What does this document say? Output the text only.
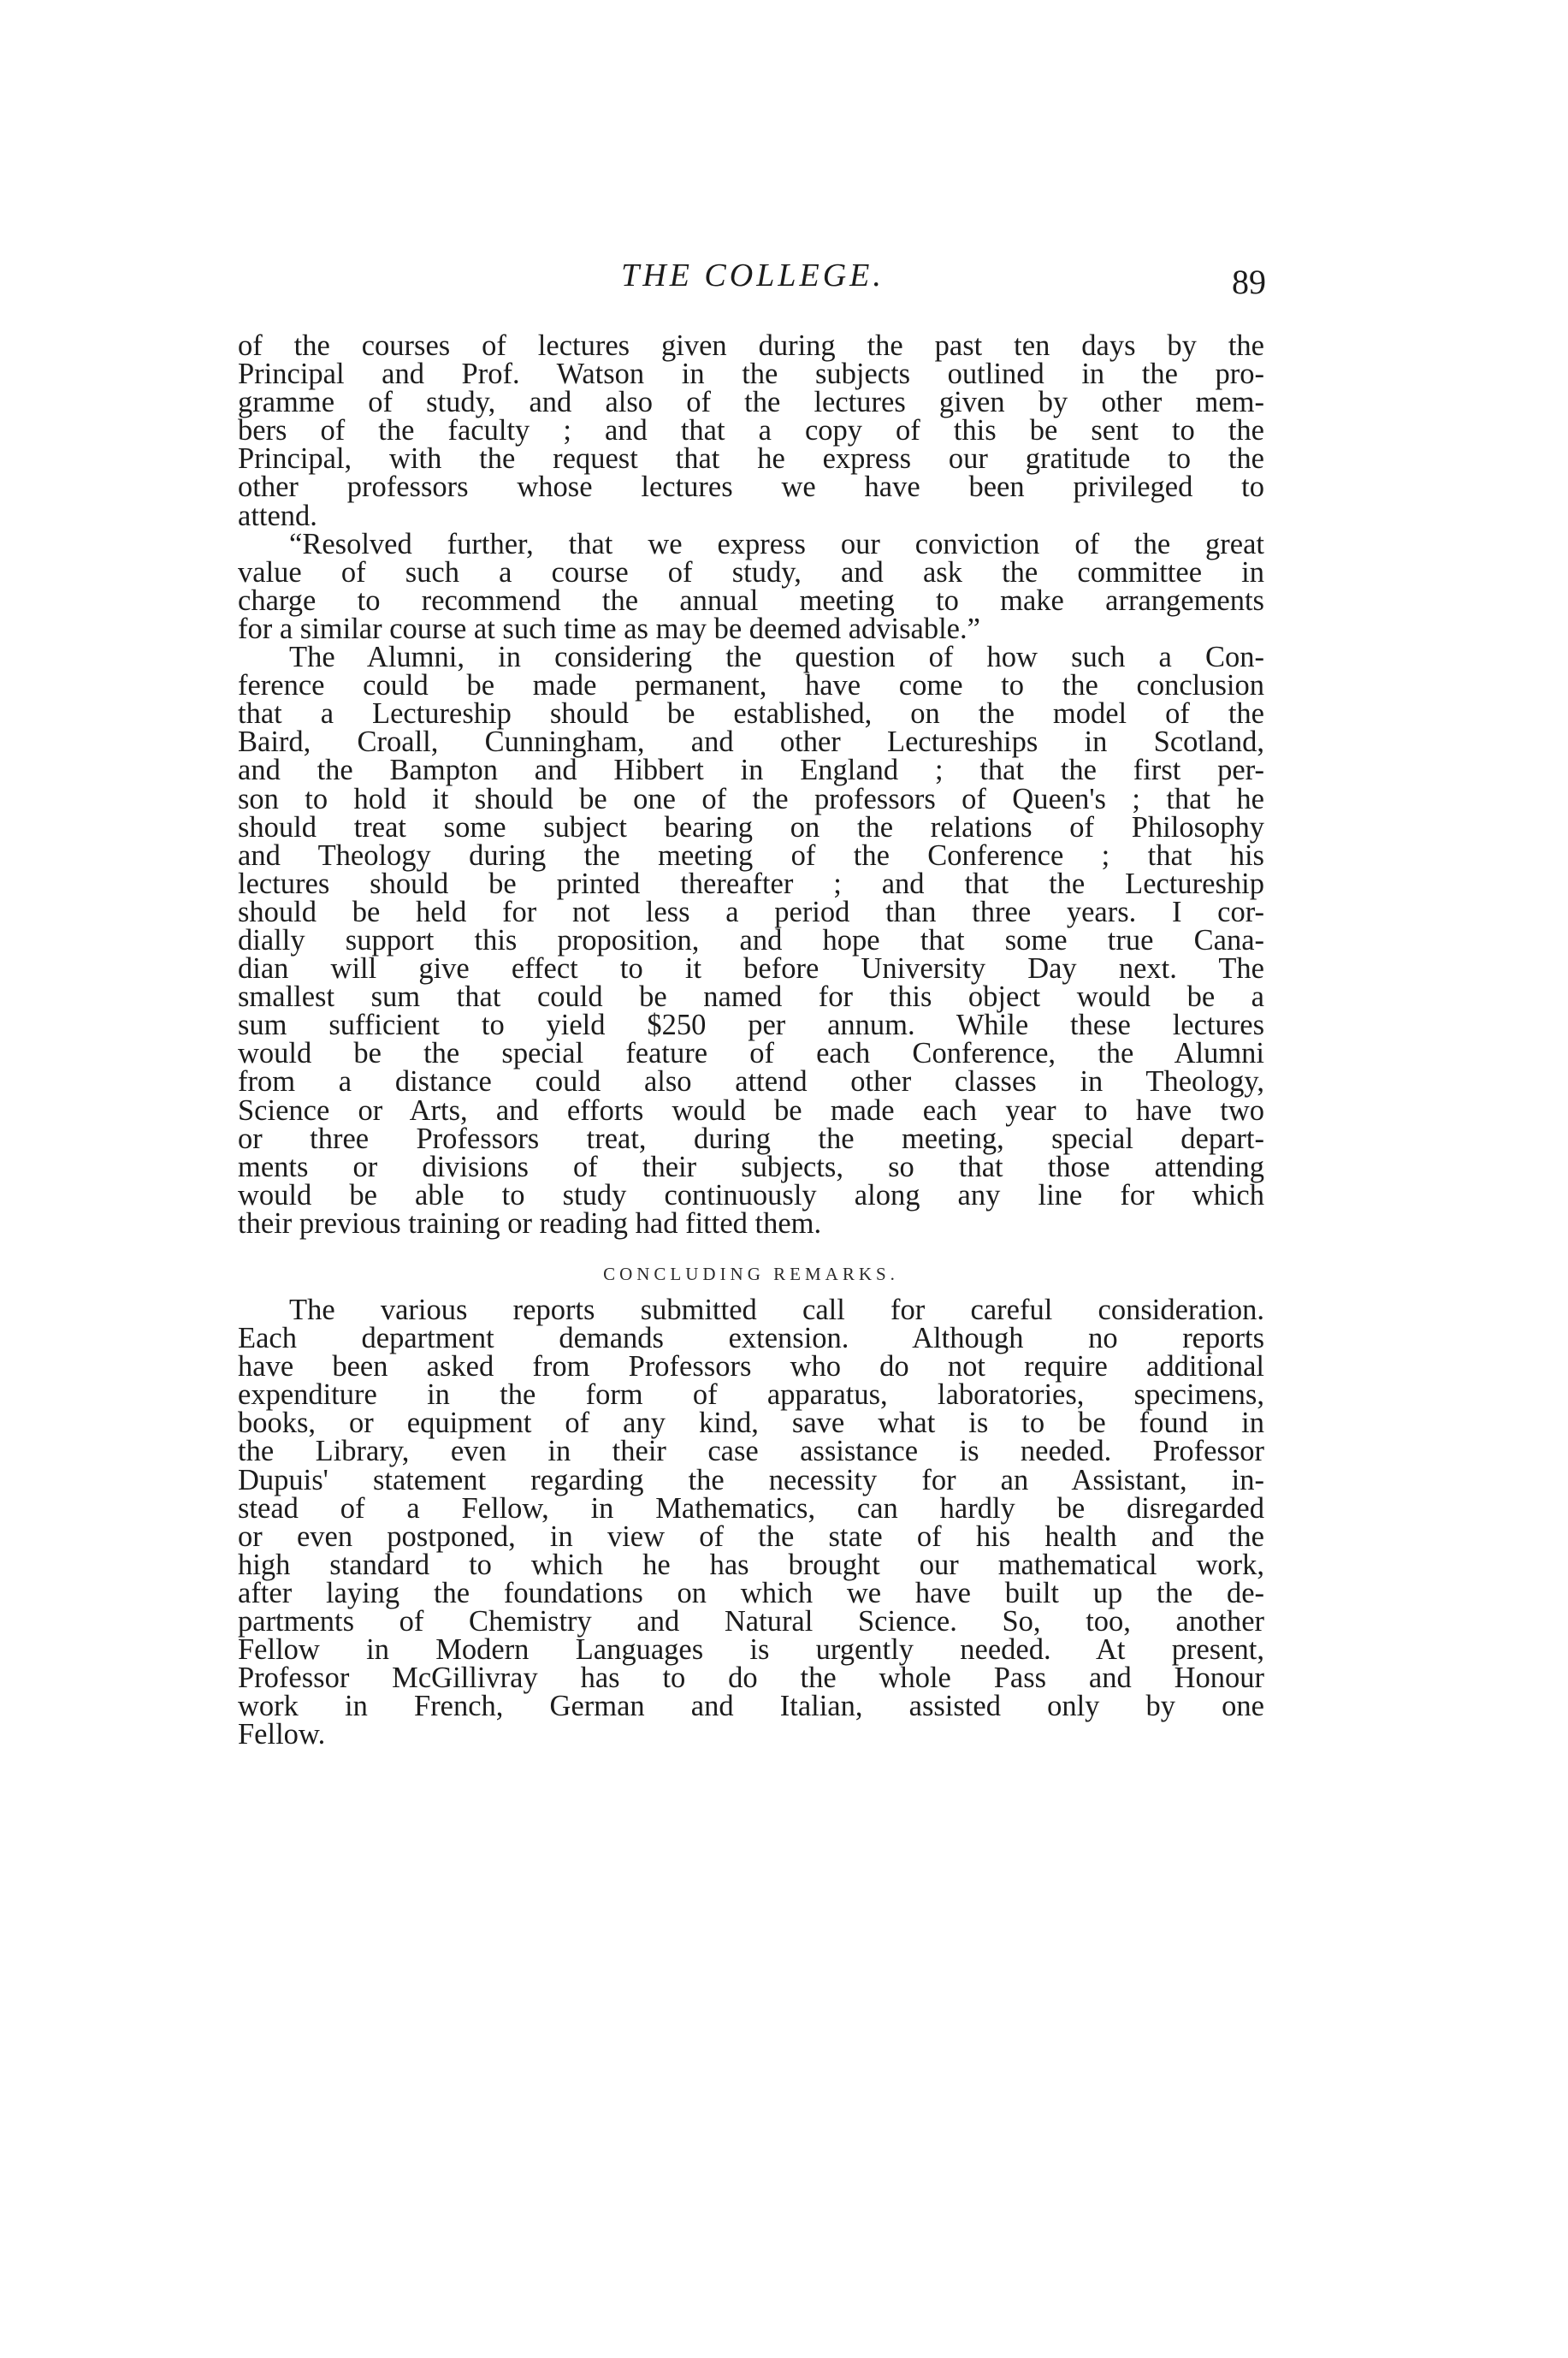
THE COLLEGE.	89
of the courses of lectures given during the past ten days by the
Principal and Prof. Watson in the subjects outlined in the pro-
gramme of study, and also of the lectures given by other mem-
bers of the faculty ; and that a copy of this be sent to the
Principal, with the request that he express our gratitude to the
other professors whose lectures we have been privileged to
attend.
“Resolved further, that we express our conviction of the great
value of such a course of study, and ask the committee in
charge to recommend the annual meeting to make arrangements
for a similar course at such time as may be deemed advisable.”
The Alumni, in considering the question of how such a Con-
ference could be made permanent, have come to the conclusion
that a Lectureship should be established, on the model of the
Baird, Croall, Cunningham, and other Lectureships in Scotland,
and the Bampton and Hibbert in England ; that the first per-
son to hold it should be one of the professors of Queen's ; that he
should treat some subject bearing on the relations of Philosophy
and Theology during the meeting of the Conference ; that his
lectures should be printed thereafter ; and that the Lectureship
should be held for not less a period than three years. I cor-
dially support this proposition, and hope that some true Cana-
dian will give effect to it before University Day next. The
smallest sum that could be named for this object would be a
sum sufficient to yield $250 per annum. While these lectures
would be the special feature of each Conference, the Alumni
from a distance could also attend other classes in Theology,
Science or Arts, and efforts would be made each year to have two
or three Professors treat, during the meeting, special depart-
ments or divisions of their subjects, so that those attending
would be able to study continuously along any line for which
their previous training or reading had fitted them.
CONCLUDING REMARKS.
The various reports submitted call for careful consideration.
Each department demands extension. Although no reports
have been asked from Professors who do not require additional
expenditure in the form of apparatus, laboratories, specimens,
books, or equipment of any kind, save what is to be found in
the Library, even in their case assistance is needed. Professor
Dupuis' statement regarding the necessity for an Assistant, in-
stead of a Fellow, in Mathematics, can hardly be disregarded
or even postponed, in view of the state of his health and the
high standard to which he has brought our mathematical work,
after laying the foundations on which we have built up the de-
partments of Chemistry and Natural Science. So, too, another
Fellow in Modern Languages is urgently needed. At present,
Professor McGillivray has to do the whole Pass and Honour
work in French, German and Italian, assisted only by one
Fellow.
